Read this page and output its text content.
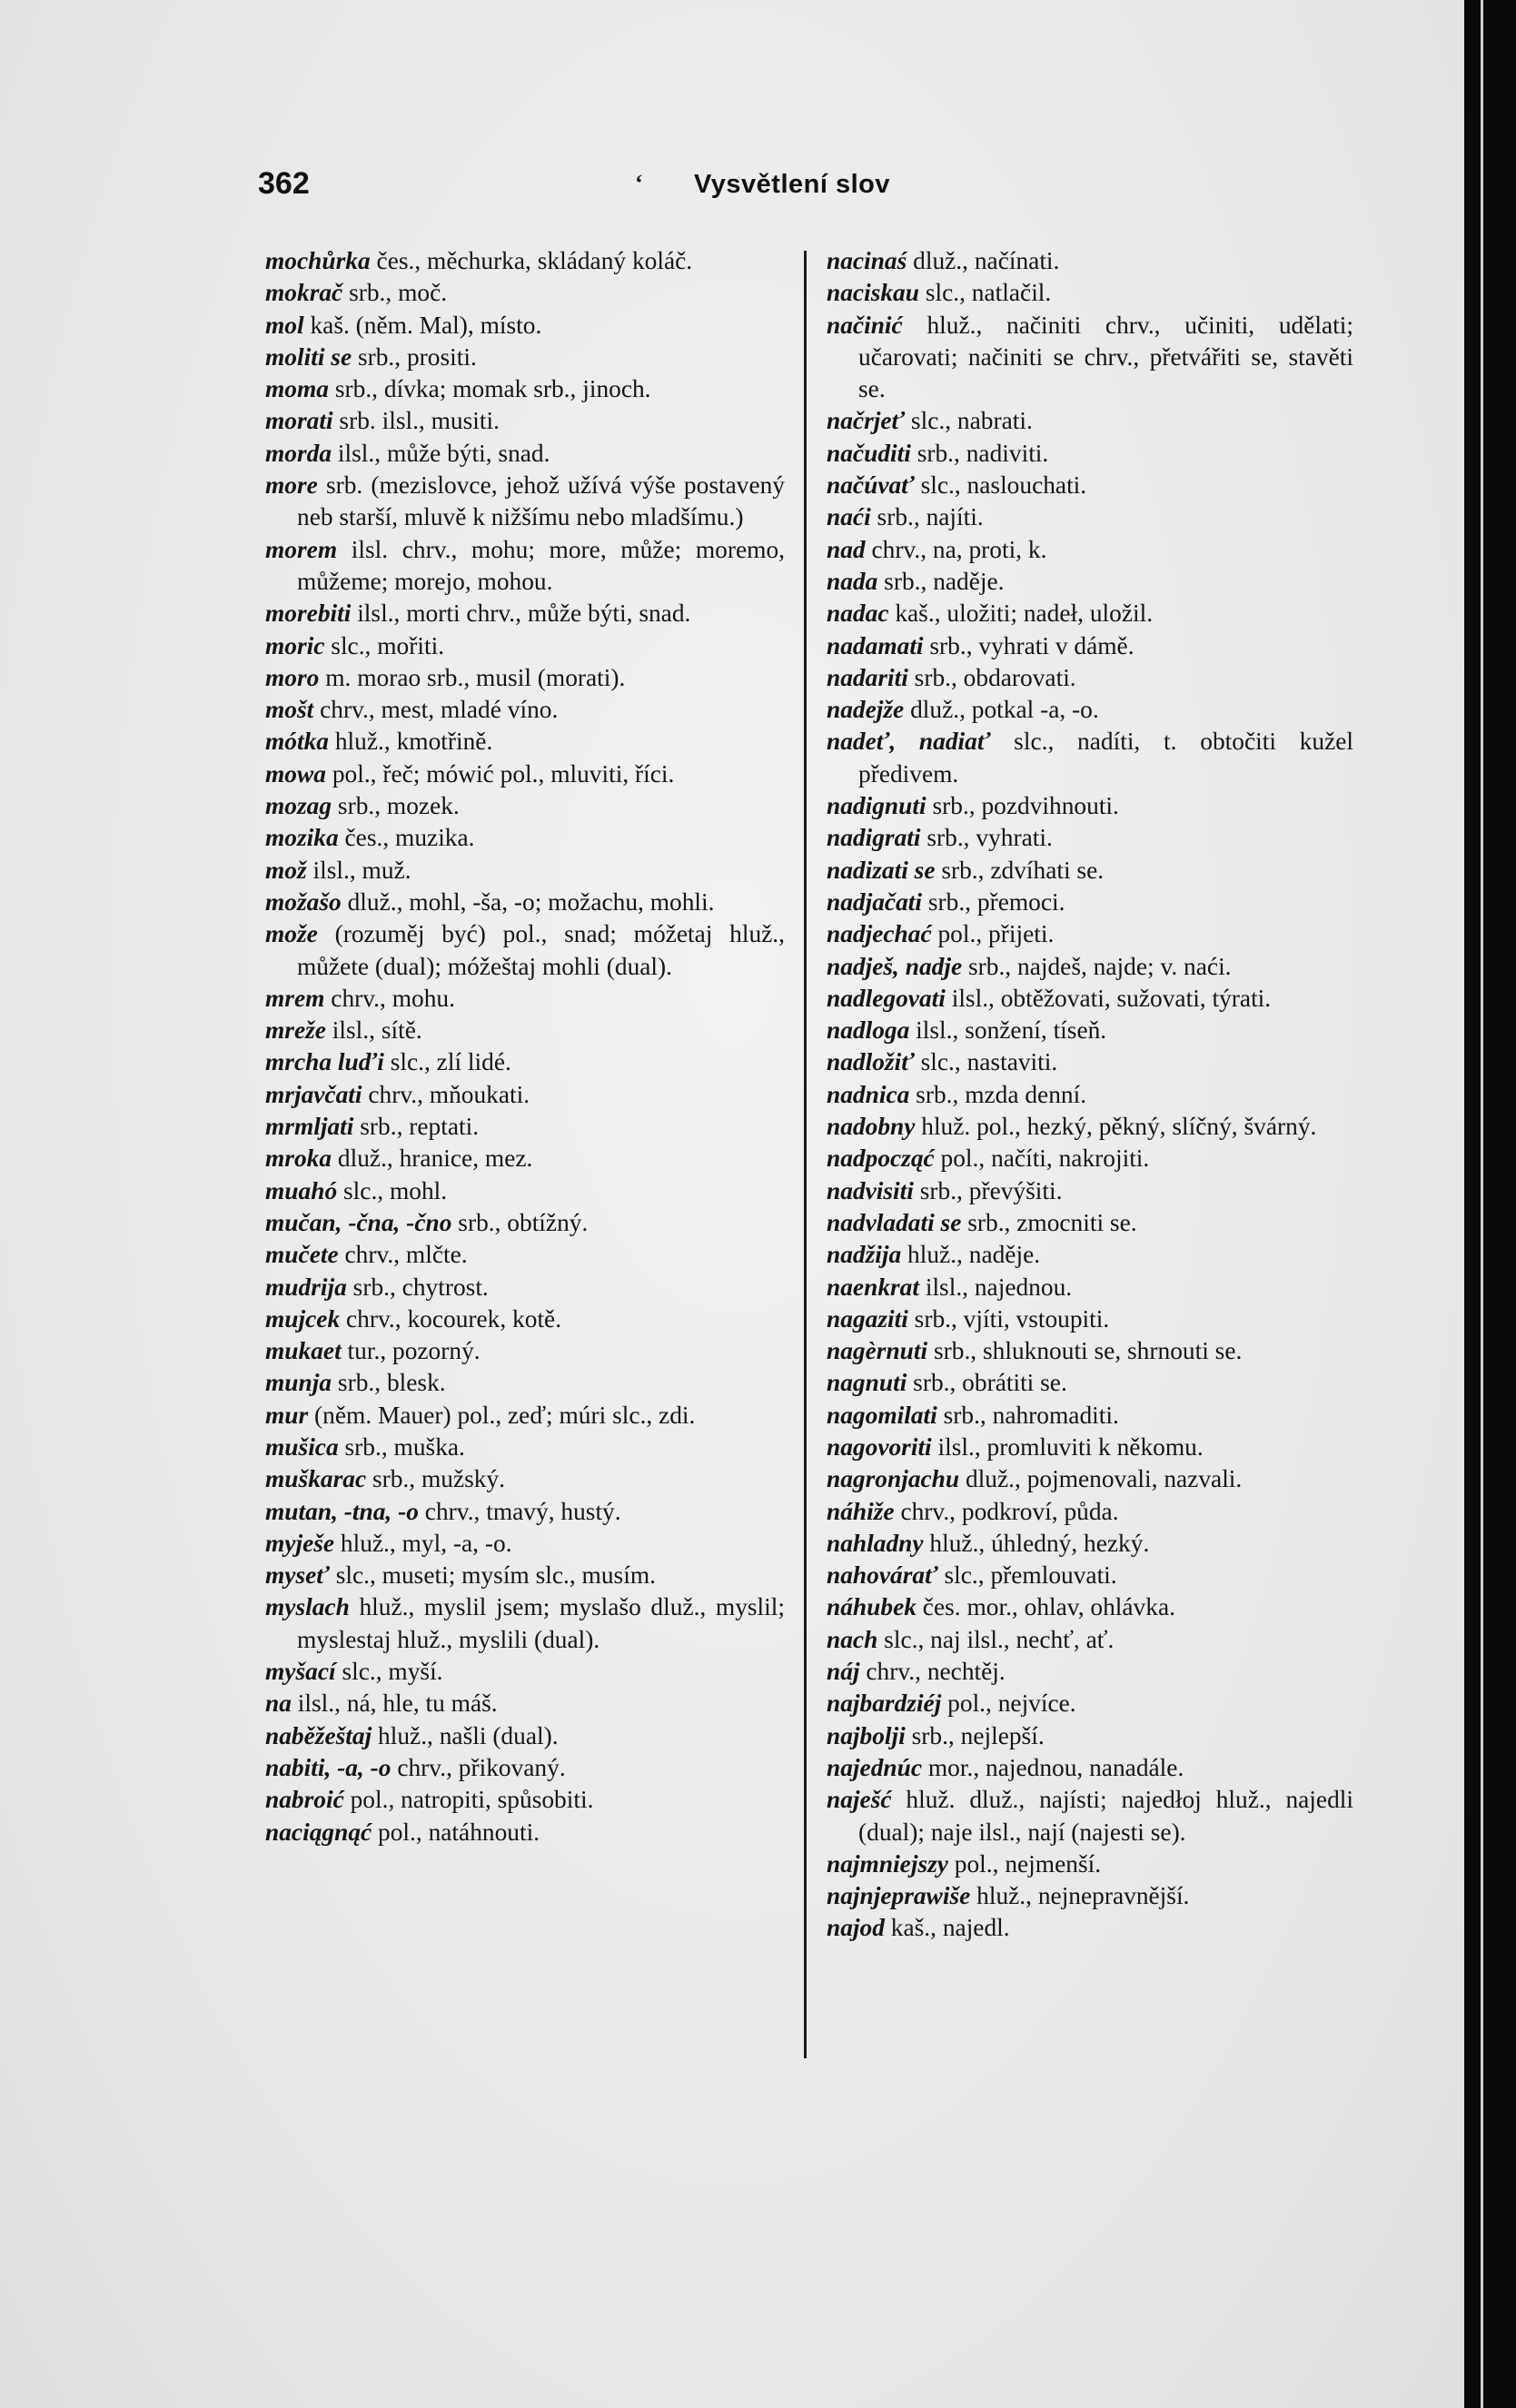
362	‘ Vysvětlení slov
mochůrka čes., měchurka, skládaný koláč.
mokrač srb., moč.
mol kaš. (něm. Mal), místo.
moliti se srb., prositi.
moma srb., dívka; momak srb., jinoch.
morati srb. ilsl., musiti.
morda ilsl., může býti, snad.
more srb. (mezislovce, jehož užívá výše postavený neb starší, mluvě k nižšímu nebo mladšímu.)
morem ilsl. chrv., mohu; more, může; moremo, můžeme; morejo, mohou.
morebiti ilsl., morti chrv., může býti, snad.
moric slc., mořiti.
moro m. morao srb., musil (morati).
mošt chrv., mest, mladé víno.
mótka hluž., kmotřině.
mowa pol., řeč; mówić pol., mluviti, říci.
mozag srb., mozek.
mozika čes., muzika.
mož ilsl., muž.
možašo dluž., mohl, -ša, -o; možachu, mohli.
može (rozuměj być) pol., snad; móžetaj hluž., můžete (dual); móžeštaj mohli (dual).
mrem chrv., mohu.
mreže ilsl., sítě.
mrcha luďi slc., zlí lidé.
mrjavčati chrv., mňoukati.
mrmljati srb., reptati.
mroka dluž., hranice, mez.
muahó slc., mohl.
mučan, -čna, -čno srb., obtížný.
mučete chrv., mlčte.
mudrija srb., chytrost.
mujcek chrv., kocourek, kotě.
mukaet tur., pozorný.
munja srb., blesk.
mur (něm. Mauer) pol., zeď; múri slc., zdi.
mušica srb., muška.
muškarac srb., mužský.
mutan, -tna, -o chrv., tmavý, hustý.
myješe hluž., myl, -a, -o.
myseť slc., museti; mysím slc., musím.
myslach hluž., myslil jsem; myslašo dluž., myslil; myslestaj hluž., myslili (dual).
myšací slc., myší.
na ilsl., ná, hle, tu máš.
naběžeštaj hluž., našli (dual).
nabiti, -a, -o chrv., přikovaný.
nabroić pol., natropiti, spůsobiti.
naciągnąć pol., natáhnouti.
nacinaś dluž., načínati.
naciskau slc., natlačil.
načinić hluž., načiniti chrv., učiniti, udělati; učarovati; načiniti se chrv., přetvářiti se, stavěti se.
načrjeť slc., nabrati.
načuditi srb., nadiviti.
načúvať slc., naslouchati.
naći srb., najíti.
nad chrv., na, proti, k.
nada srb., naděje.
nadac kaš., uložiti; nadeł, uložil.
nadamati srb., vyhrati v dámě.
nadariti srb., obdarovati.
nadejže dluž., potkal -a, -o.
nadeť, nadiať slc., nadíti, t. obtočiti kužel předivem.
nadignuti srb., pozdvihnouti.
nadigrati srb., vyhrati.
nadizati se srb., zdvíhati se.
nadjačati srb., přemoci.
nadjechać pol., přijeti.
nadješ, nadje srb., najdeš, najde; v. naći.
nadlegovati ilsl., obtěžovati, sužovati, týrati.
nadloga ilsl., sonžení, tíseň.
nadložiť slc., nastaviti.
nadnica srb., mzda denní.
nadobny hluž. pol., hezký, pěkný, slíčný, švárný.
nadpocząć pol., načíti, nakrojiti.
nadvisiti srb., převýšiti.
nadvladati se srb., zmocniti se.
nadžija hluž., naděje.
naenkrat ilsl., najednou.
nagaziti srb., vjíti, vstoupiti.
nagèrnuti srb., shluknouti se, shrnouti se.
nagnuti srb., obrátiti se.
nagomilati srb., nahromaditi.
nagovoriti ilsl., promluviti k někomu.
nagronjachu dluž., pojmenovali, nazvali.
náhiže chrv., podkroví, půda.
nahladny hluž., úhledný, hezký.
nahovárať slc., přemlouvati.
náhubek čes. mor., ohlav, ohlávka.
nach slc., naj ilsl., nechť, ať.
náj chrv., nechtěj.
najbardziéj pol., nejvíce.
najbolji srb., nejlepší.
najednúc mor., najednou, nanadále.
naješć hluž. dluž., najísti; najedłoj hluž., najedli (dual); naje ilsl., nají (najesti se).
najmniejszy pol., nejmenší.
najnjeprawiše hluž., nejnepravnější.
najod kaš., najedl.
